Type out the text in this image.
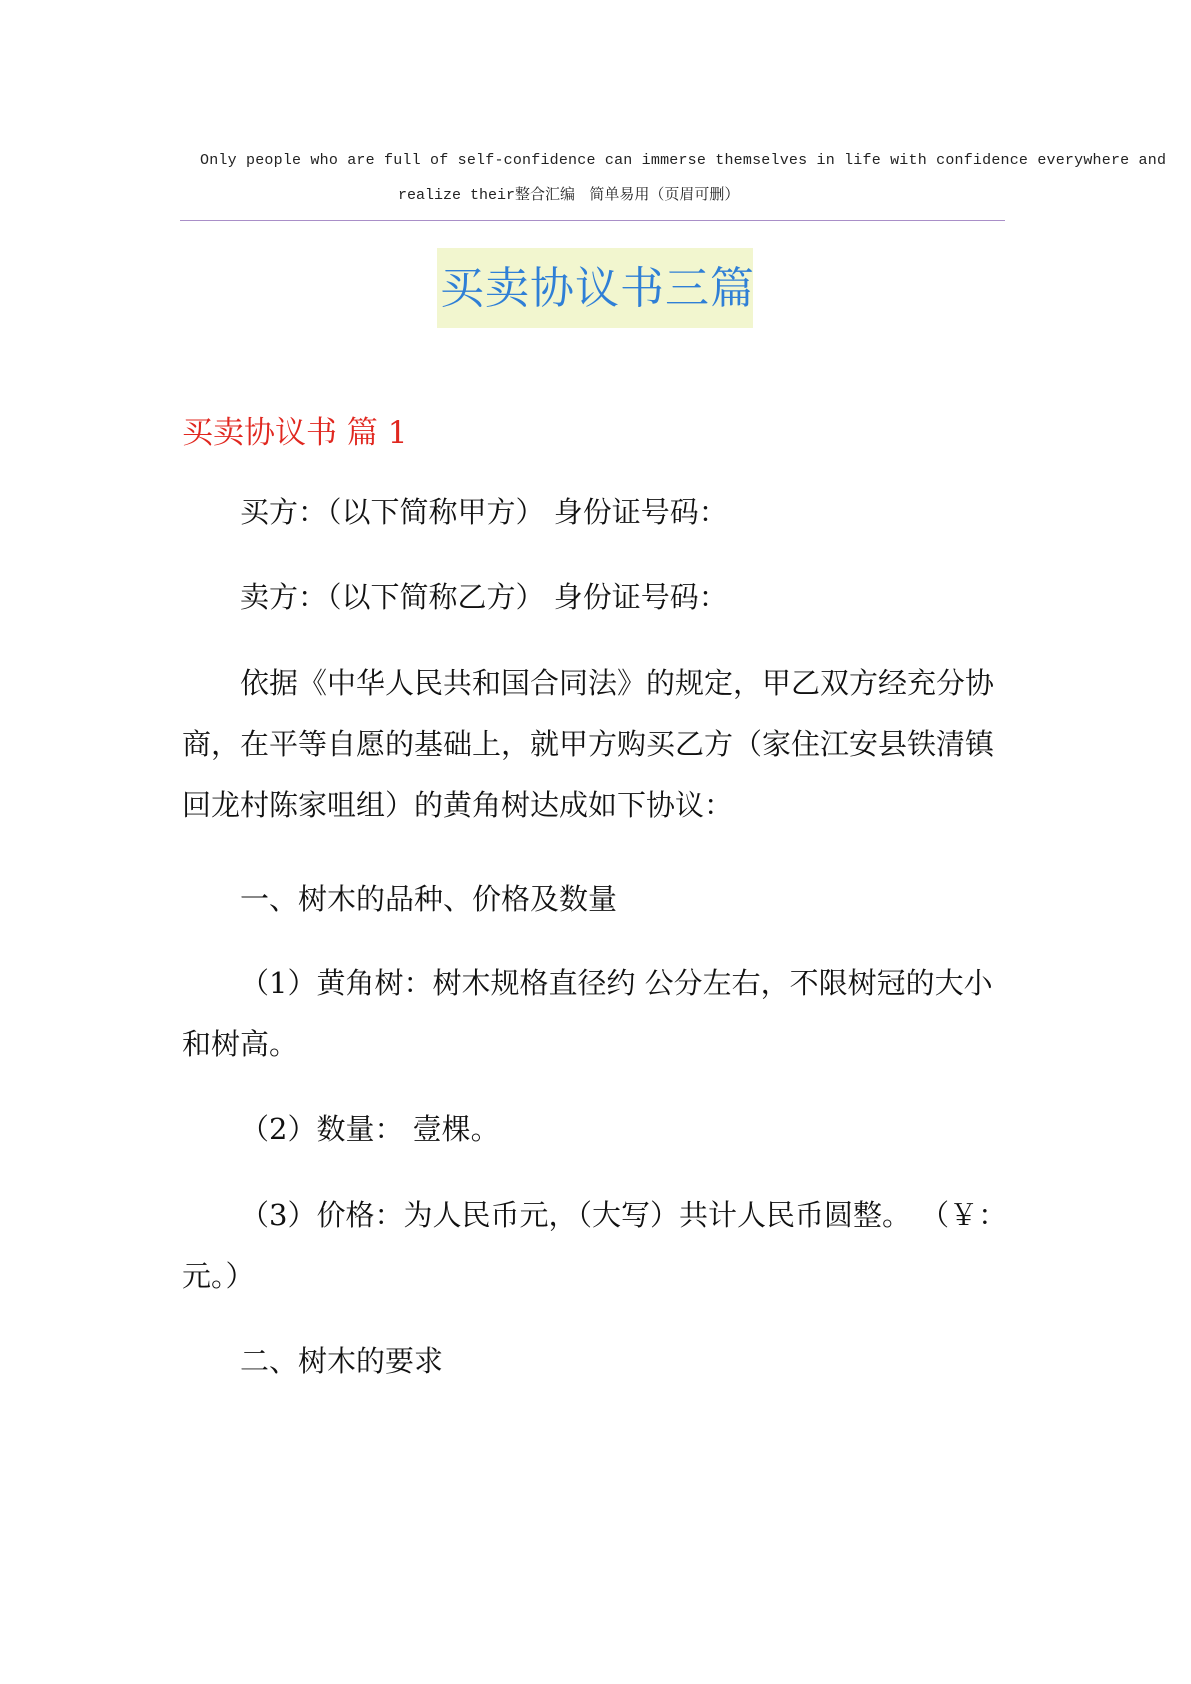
Only people who are full of self-confidence can immerse themselves in life with confidence everywhere and
realize their整合汇编 简单易用（页眉可删）
买卖协议书三篇
买卖协议书 篇 1
买方：（以下简称甲方） 身份证号码：
卖方：（以下简称乙方） 身份证号码：
依据《中华人民共和国合同法》的规定，甲乙双方经充分协商，在平等自愿的基础上，就甲方购买乙方（家住江安县铁清镇回龙村陈家咀组）的黄角树达成如下协议：
一、树木的品种、价格及数量
（1）黄角树：树木规格直径约 公分左右，不限树冠的大小和树高。
（2）数量： 壹棵。
（3）价格：为人民币元，（大写）共计人民币圆整。 （￥：元。）
二、树木的要求
